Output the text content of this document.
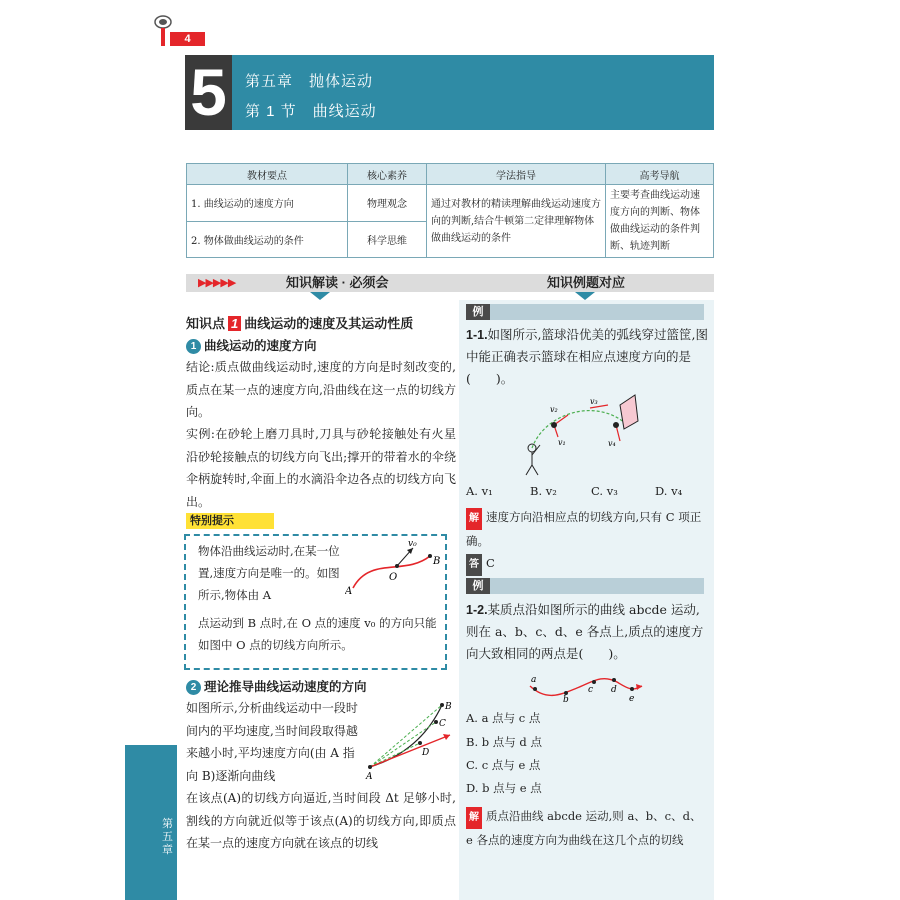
4
5	第五章　抛体运动
第 1 节　曲线运动
教材要点	核心素养	学法指导	高考导航
1. 曲线运动的速度方向	物理观念	通过对教材的精读理解曲线运动速度方向的判断,结合牛顿第二定律理解物体做曲线运动的条件	主要考查曲线运动速度方向的判断、物体做曲线运动的条件判断、轨迹判断
2. 物体做曲线运动的条件	科学思维		
▶▶▶▶▶	知识解读 · 必须会	知识例题对应
知识点 1 曲线运动的速度及其运动性质
1 曲线运动的速度方向
结论:质点做曲线运动时,速度的方向是时刻改变的,质点在某一点的速度方向,沿曲线在这一点的切线方向。
实例:在砂轮上磨刀具时,刀具与砂轮接触处有火星沿砂轮接触点的切线方向飞出;撑开的带着水的伞绕伞柄旋转时,伞面上的水滴沿伞边各点的切线方向飞出。
特别提示
物体沿曲线运动时,在某一位置,速度方向是唯一的。如图所示,物体由 A
点运动到 B 点时,在 O 点的速度 v₀ 的方向只能如图中 O 点的切线方向所示。
v₀
O
B
A
2 理论推导曲线运动速度的方向
如图所示,分析曲线运动中一段时间内的平均速度,当时间段取得越来越小时,平均速度方向(由 A 指向 B)逐渐向曲线
B
C
D
A
在该点(A)的切线方向逼近,当时间段 Δt 足够小时,割线的方向就近似等于该点(A)的切线方向,即质点在某一点的速度方向就在该点的切线
例
1-1.如图所示,篮球沿优美的弧线穿过篮筐,图中能正确表示篮球在相应点速度方向的是(　　)。
v₂
v₁
v₃
v₄
A. v₁	B. v₂	C. v₃	D. v₄
解 速度方向沿相应点的切线方向,只有 C 项正确。
答 C
例
1-2.某质点沿如图所示的曲线 abcde 运动,则在 a、b、c、d、e 各点上,质点的速度方向大致相同的两点是(　　)。
a
b
c d
e
A. a 点与 c 点
B. b 点与 d 点
C. c 点与 e 点
D. b 点与 e 点
解 质点沿曲线 abcde 运动,则 a、b、c、d、e 各点的速度方向为曲线在这几个点的切线
第五章
